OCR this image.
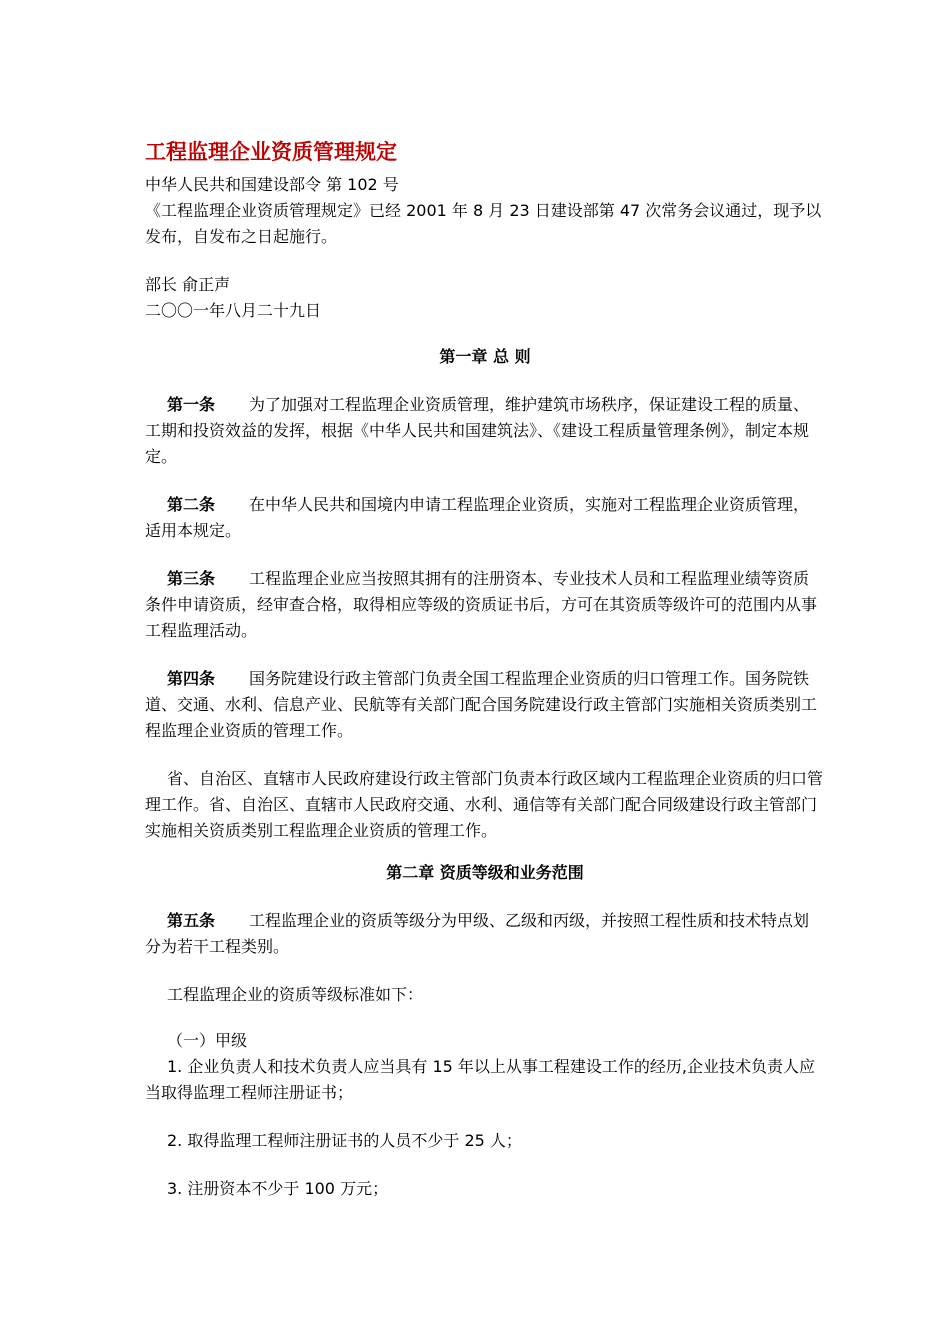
工程监理企业资质管理规定

中华人民共和国建设部令 第 102 号

《工程监理企业资质管理规定》已经 2001 年 8 月 23 日建设部第 47 次常务会议通过，现予以发布，自发布之日起施行。

部长 俞正声

二〇〇一年八月二十九日

第一章 总 则

第一条 为了加强对工程监理企业资质管理，维护建筑市场秩序，保证建设工程的质量、工期和投资效益的发挥，根据《中华人民共和国建筑法》、《建设工程质量管理条例》，制定本规定。

第二条 在中华人民共和国境内申请工程监理企业资质，实施对工程监理企业资质管理，适用本规定。

第三条 工程监理企业应当按照其拥有的注册资本、专业技术人员和工程监理业绩等资质条件申请资质，经审查合格，取得相应等级的资质证书后，方可在其资质等级许可的范围内从事工程监理活动。

第四条 国务院建设行政主管部门负责全国工程监理企业资质的归口管理工作。国务院铁道、交通、水利、信息产业、民航等有关部门配合国务院建设行政主管部门实施相关资质类别工程监理企业资质的管理工作。

省、自治区、直辖市人民政府建设行政主管部门负责本行政区域内工程监理企业资质的归口管理工作。省、自治区、直辖市人民政府交通、水利、通信等有关部门配合同级建设行政主管部门实施相关资质类别工程监理企业资质的管理工作。

第二章 资质等级和业务范围

第五条 工程监理企业的资质等级分为甲级、乙级和丙级，并按照工程性质和技术特点划分为若干工程类别。

工程监理企业的资质等级标准如下：

（一）甲级

1. 企业负责人和技术负责人应当具有 15 年以上从事工程建设工作的经历,企业技术负责人应当取得监理工程师注册证书；

2. 取得监理工程师注册证书的人员不少于 25 人；

3. 注册资本不少于 100 万元；
